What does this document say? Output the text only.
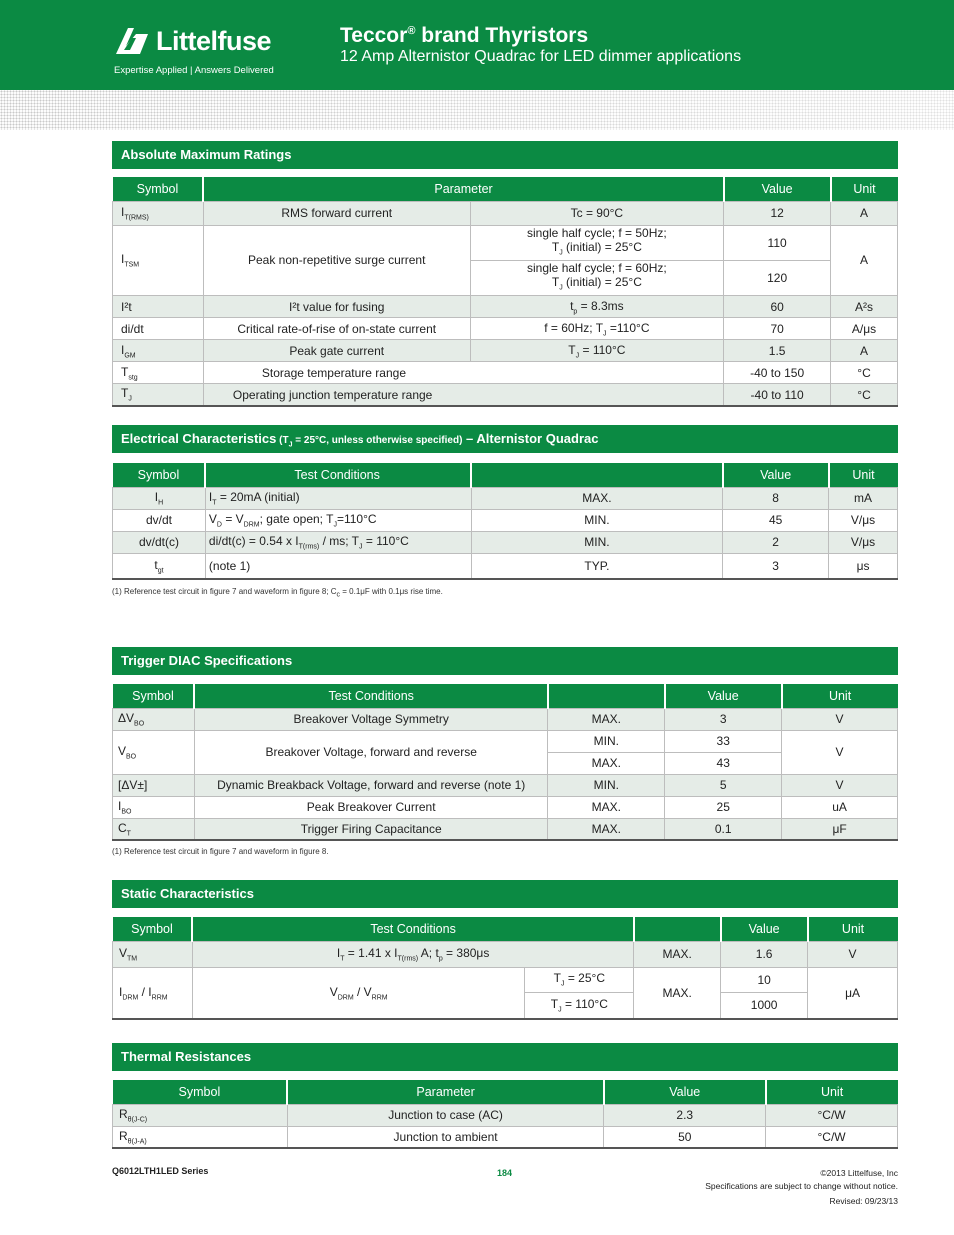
Littelfuse
Expertise Applied | Answers Delivered
Teccor® brand Thyristors
12 Amp Alternistor Quadrac for LED dimmer applications
Absolute Maximum Ratings
Symbol	Parameter		Value	Unit
$I_{T(RMS)}$	RMS forward current	Tc = 90°C	12	A
$I_{TSM}$	Peak non-repetitive surge current	single half cycle; f = 50Hz;
$T_J$ (initial) = 25°C	110	A
		single half cycle; f = 60Hz;
$T_J$ (initial) = 25°C	120	
I²t	I²t value for fusing	$t_p = 8.3ms$	60	A²s
di/dt	Critical rate-of-rise of on-state current	f = 60Hz; $T_J =110^\circ C$	70	A/μs
$I_{GM}$	Peak gate current	$T_J = 110^\circ C$	1.5	A
$T_{stg}$	Storage temperature range		-40 to 150	°C
$T_J$	Operating junction temperature range		-40 to 110	°C
Electrical Characteristics ($T_J = 25^\circ C$, unless otherwise specified) – Alternistor Quadrac
Symbol	Test Conditions		Value	Unit
$I_H$	$I_T = 20mA$ (initial)	MAX.	8	mA
dv/dt	$V_D = V_{DRM}$; gate open; $T_J=110^\circ C$	MIN.	45	V/μs
dv/dt(c)	di/dt(c) = 0.54 x $I_{T(rms)}$ / ms; $T_J = 110^\circ C$	MIN.	2	V/μs
$t_{gt}$	(note 1)	TYP.	3	μs
(1) Reference test circuit in figure 7 and waveform in figure 8; $C_c = 0.1\mu F$ with 0.1μs rise time.
Trigger DIAC Specifications
Symbol	Test Conditions		Value	Unit
$\Delta V_{BO}$	Breakover Voltage Symmetry	MAX.	3	V
$V_{BO}$	Breakover Voltage, forward and reverse	MIN.	33	V
		MAX.	43	
[ΔV±]	Dynamic Breakback Voltage, forward and reverse (note 1)	MIN.	5	V
$I_{BO}$	Peak Breakover Current	MAX.	25	uA
$C_T$	Trigger Firing Capacitance	MAX.	0.1	μF
(1) Reference test circuit in figure 7 and waveform in figure 8.
Static Characteristics
Symbol	Test Conditions			Value	Unit
$V_{TM}$	$I_T = 1.41$ x $I_{T(rms)}$ A; $t_p = 380\mu s$		MAX.	1.6	V
$I_{DRM} / I_{RRM}$	$V_{DRM} / V_{RRM}$	$T_J = 25^\circ C$	MAX.	10	μA
		$T_J = 110^\circ C$		1000	
Thermal Resistances
Symbol	Parameter	Value	Unit
$R_{\theta(J-C)}$	Junction to case (AC)	2.3	°C/W
$R_{\theta(J-A)}$	Junction to ambient	50	°C/W
Q6012LTH1LED Series	184	©2013 Littelfuse, Inc
Specifications are subject to change without notice.
Revised: 09/23/13
